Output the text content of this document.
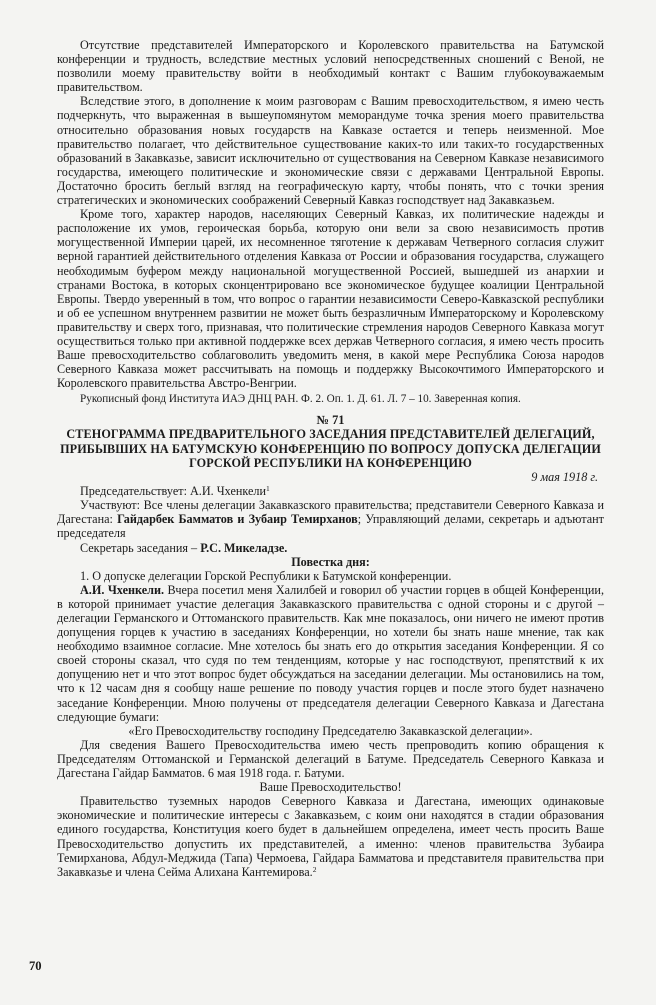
Отсутствие представителей Императорского и Королевского правительства на Батумской конференции и трудность, вследствие местных условий непосредственных сношений с Веной, не позволили моему правительству войти в необходимый контакт с Вашим глубокоуважаемым правительством.

Вследствие этого, в дополнение к моим разговорам с Вашим превосходительством, я имею честь подчеркнуть, что выраженная в вышеупомянутом меморандуме точка зрения моего правительства относительно образования новых государств на Кавказе остается и теперь неизменной. Мое правительство полагает, что действительное существование каких-то или таких-то государственных образований в Закавказье, зависит исключительно от существования на Северном Кавказе независимого государства, имеющего политические и экономические связи с державами Центральной Европы. Достаточно бросить беглый взгляд на географическую карту, чтобы понять, что с точки зрения стратегических и экономических соображений Северный Кавказ господствует над Закавказьем.

Кроме того, характер народов, населяющих Северный Кавказ, их политические надежды и расположение их умов, героическая борьба, которую они вели за свою независимость против могущественной Империи царей, их несомненное тяготение к державам Четверного согласия служит верной гарантией действительного отделения Кавказа от России и образования государства, служащего необходимым буфером между национальной могущественной Россией, вышедшей из анархии и странами Востока, в которых сконцентрировано все экономическое будущее коалиции Центральной Европы. Твердо уверенный в том, что вопрос о гарантии независимости Северо-Кавказской республики и об ее успешном внутреннем развитии не может быть безразличным Императорскому и Королевскому правительству и сверх того, признавая, что политические стремления народов Северного Кавказа могут осуществиться только при активной поддержке всех держав Четверного согласия, я имею честь просить Ваше превосходительство соблаговолить уведомить меня, в какой мере Республика Союза народов Северного Кавказа может рассчитывать на помощь и поддержку Высокочтимого Императорского и Королевского правительства Австро-Венгрии.

Рукописный фонд Института ИАЭ ДНЦ РАН. Ф. 2. Оп. 1. Д. 61. Л. 7 – 10. Заверенная копия.

№ 71

СТЕНОГРАММА ПРЕДВАРИТЕЛЬНОГО ЗАСЕДАНИЯ ПРЕДСТАВИТЕЛЕЙ ДЕЛЕГАЦИЙ, ПРИБЫВШИХ НА БАТУМСКУЮ КОНФЕРЕНЦИЮ ПО ВОПРОСУ ДОПУСКА ДЕЛЕГАЦИИ ГОРСКОЙ РЕСПУБЛИКИ НА КОНФЕРЕНЦИЮ

9 мая 1918 г.

Председательствует: А.И. Чхенкели$^1$

Участвуют: Все члены делегации Закавказского правительства; представители Северного Кавказа и Дагестана: Гайдарбек Бамматов и Зубаир Темирханов; Управляющий делами, секретарь и адъютант председателя

Секретарь заседания – Р.С. Микеладзе.

Повестка дня:

1. О допуске делегации Горской Республики к Батумской конференции.

А.И. Чхенкели. Вчера посетил меня Халилбей и говорил об участии горцев в общей Конференции, в которой принимает участие делегация Закавказского правительства с одной стороны и с другой – делегации Германского и Оттоманского правительств. Как мне показалось, они ничего не имеют против допущения горцев к участию в заседаниях Конференции, но хотели бы знать наше мнение, так как необходимо взаимное согласие. Мне хотелось бы знать его до открытия заседания Конференции. Я со своей стороны сказал, что судя по тем тенденциям, которые у нас господствуют, препятствий к их допущению нет и что этот вопрос будет обсуждаться на заседании делегации. Мы остановились на том, что к 12 часам дня я сообщу наше решение по поводу участия горцев и после этого будет назначено заседание Конференции. Мною получены от председателя делегации Северного Кавказа и Дагестана следующие бумаги:

«Его Превосходительству господину Председателю Закавказской делегации».

Для сведения Вашего Превосходительства имею честь препроводить копию обращения к Председателям Оттоманской и Германской делегаций в Батуме. Председатель Северного Кавказа и Дагестана Гайдар Бамматов. 6 мая 1918 года. г. Батуми.

Ваше Превосходительство!

Правительство туземных народов Северного Кавказа и Дагестана, имеющих одинаковые экономические и политические интересы с Закавказьем, с коим они находятся в стадии образования единого государства, Конституция коего будет в дальнейшем определена, имеет честь просить Ваше Превосходительство допустить их представителей, а именно: членов правительства Зубаира Темирханова, Абдул-Меджида (Тапа) Чермоева, Гайдара Бамматова и представителя правительства при Закавказье и члена Сейма Алихана Кантемирова.$^2$

70
